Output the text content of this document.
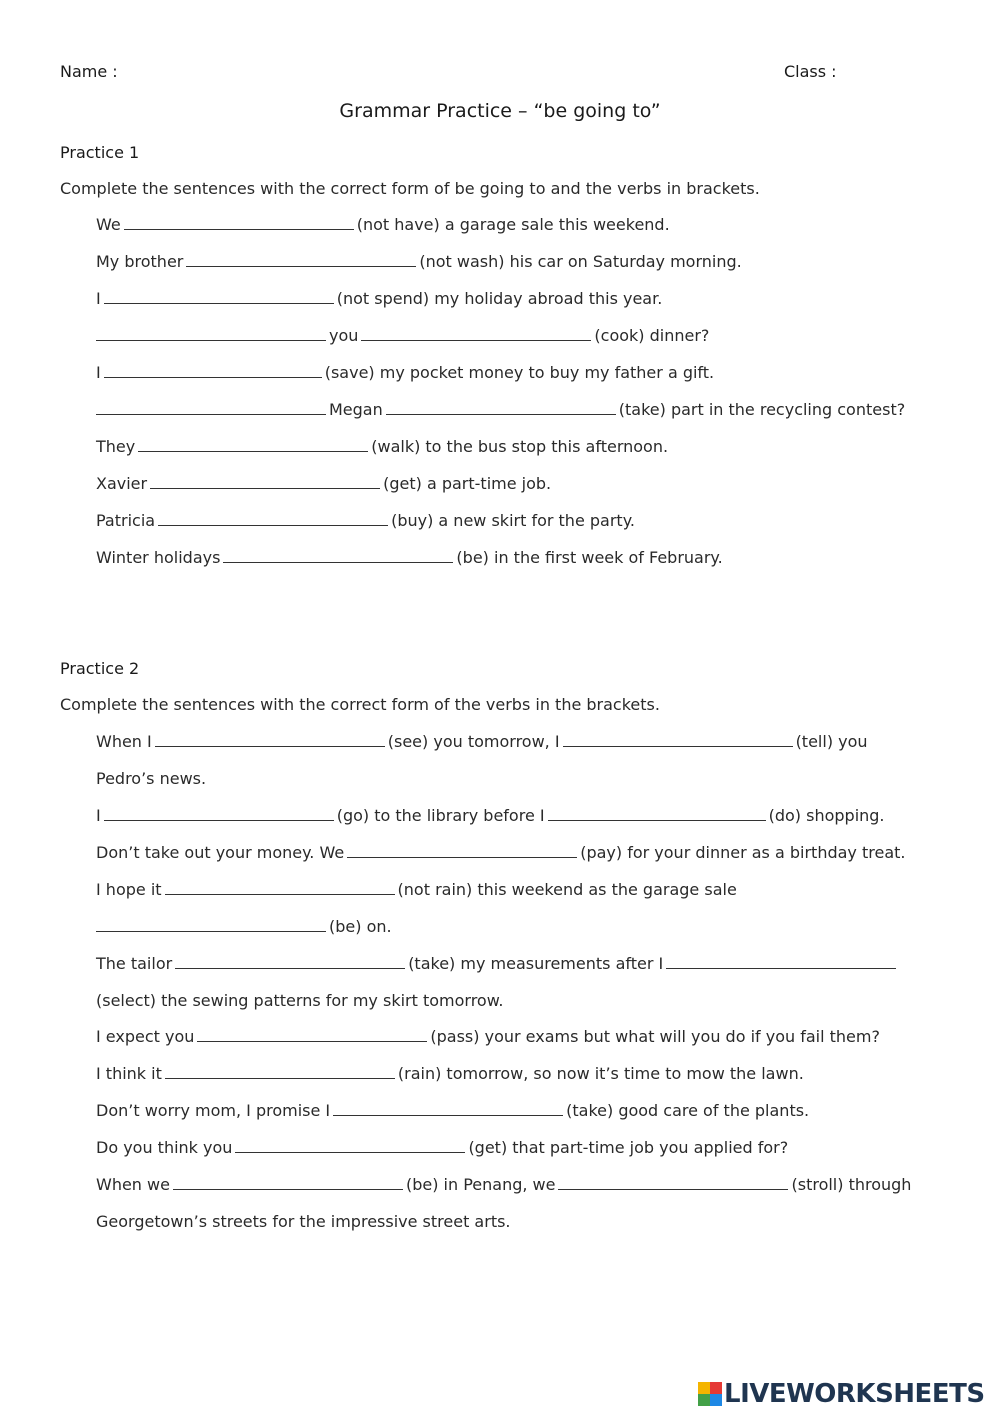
Name :	Class :
Grammar Practice – “be going to”
Practice 1
Complete the sentences with the correct form of be going to and the verbs in brackets.
We	(not have) a garage sale this weekend.
My brother	(not wash) his car on Saturday morning.
I	(not spend) my holiday abroad this year.
you	(cook) dinner?
I	(save) my pocket money to buy my father a gift.
Megan	(take) part in the recycling contest?
They	(walk) to the bus stop this afternoon.
Xavier	(get) a part-time job.
Patricia	(buy) a new skirt for the party.
Winter holidays	(be) in the first week of February.
Practice 2
Complete the sentences with the correct form of the verbs in the brackets.
When I	(see) you tomorrow, I	(tell) you
Pedro’s news.
I	(go) to the library before I	(do) shopping.
Don’t take out your money. We	(pay) for your dinner as a birthday treat.
I hope it	(not rain) this weekend as the garage sale
(be) on.
The tailor	(take) my measurements after I
(select) the sewing patterns for my skirt tomorrow.
I expect you	(pass) your exams but what will you do if you fail them?
I think it	(rain) tomorrow, so now it’s time to mow the lawn.
Don’t worry mom, I promise I	(take) good care of the plants.
Do you think you	(get) that part-time job you applied for?
When we	(be) in Penang, we	(stroll) through
Georgetown’s streets for the impressive street arts.
LIVEWORKSHEETS
